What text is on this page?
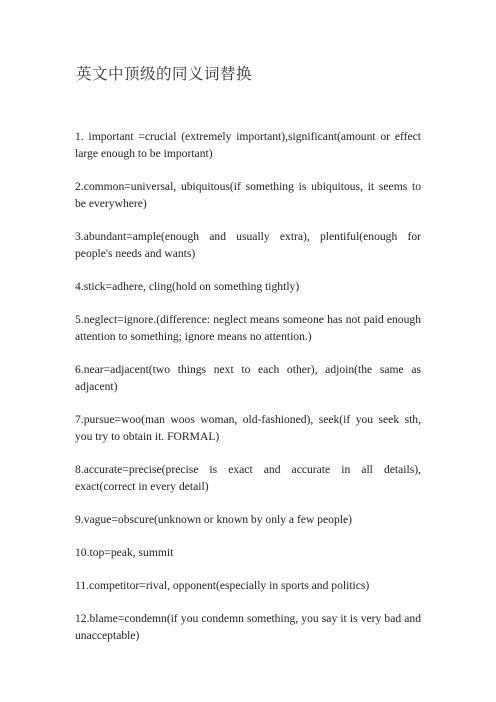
英文中顶级的同义词替换

1. important =crucial (extremely important),significant(amount or effect large enough to be important)

2.common=universal, ubiquitous(if something is ubiquitous, it seems to be everywhere)

3.abundant=ample(enough and usually extra), plentiful(enough for people's needs and wants)

4.stick=adhere, cling(hold on something tightly)

5.neglect=ignore.(difference: neglect means someone has not paid enough attention to something; ignore means no attention.)

6.near=adjacent(two things next to each other), adjoin(the same as adjacent)

7.pursue=woo(man woos woman, old-fashioned), seek(if you seek sth, you try to obtain it. FORMAL)

8.accurate=precise(precise is exact and accurate in all details), exact(correct in every detail)

9.vague=obscure(unknown or known by only a few people)

10.top=peak, summit

11.competitor=rival, opponent(especially in sports and politics)

12.blame=condemn(if you condemn something, you say it is very bad and unacceptable)
